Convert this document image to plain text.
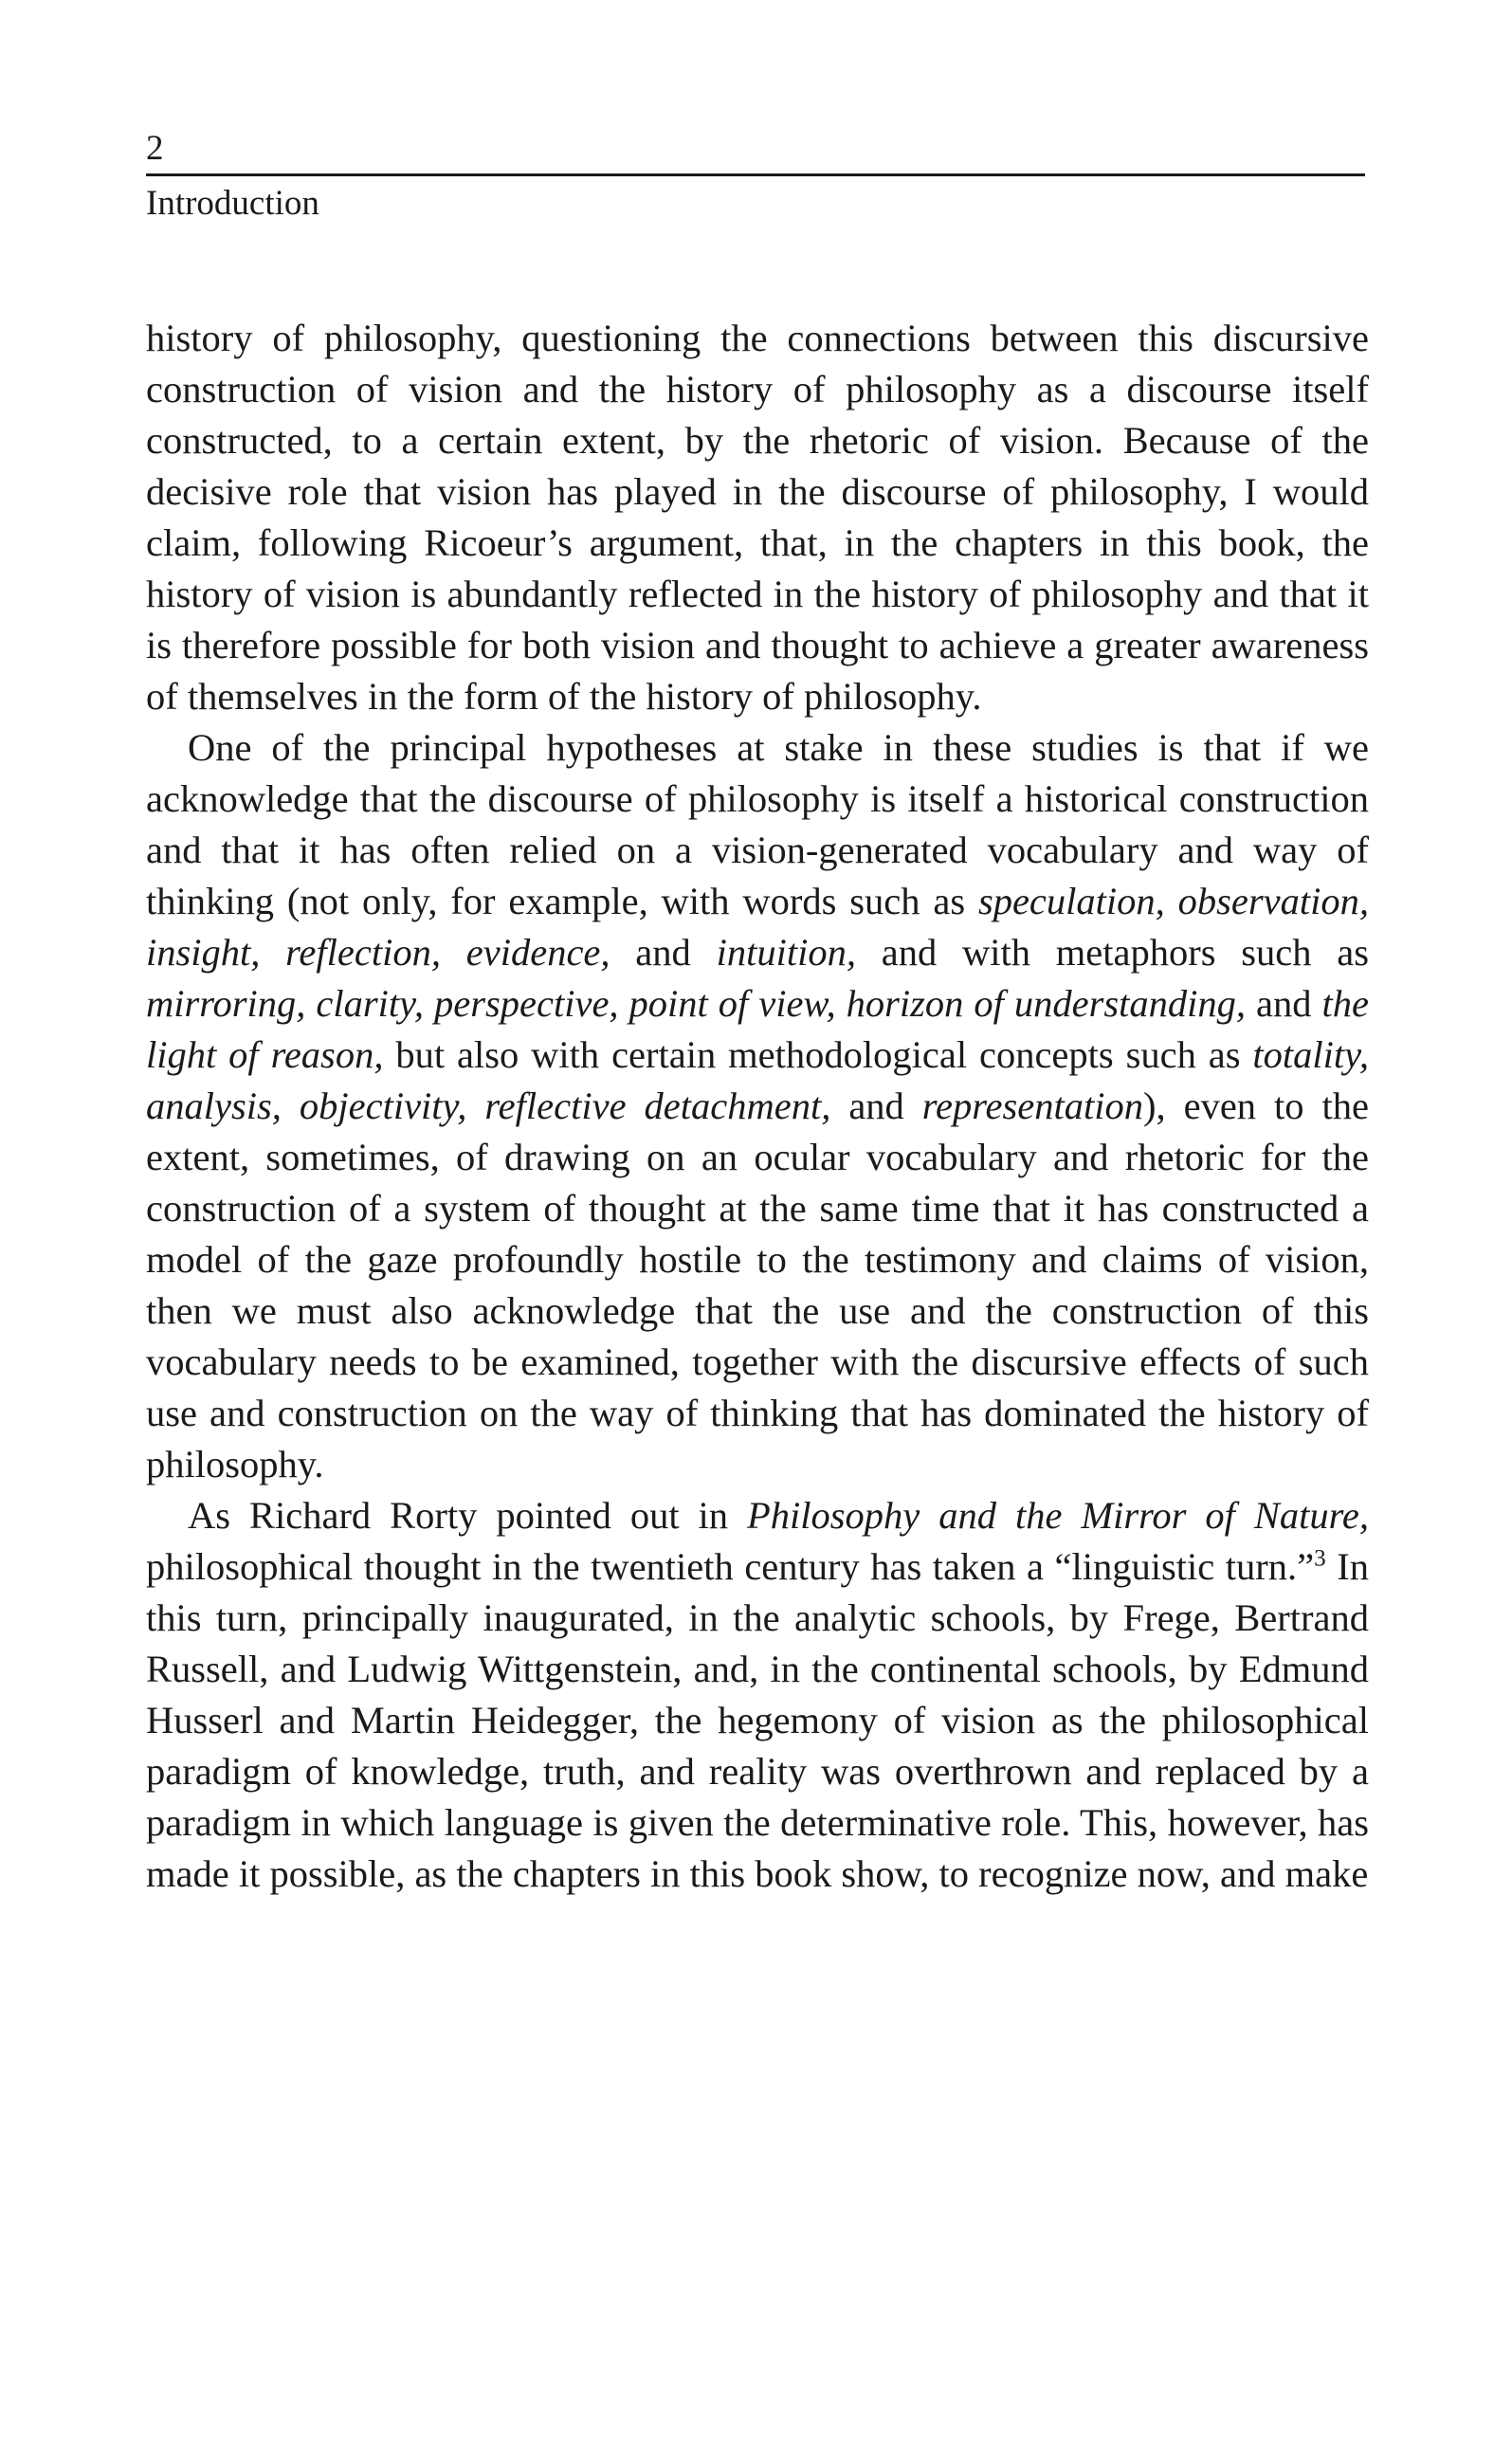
2
Introduction

history of philosophy, questioning the connections between this discursive construction of vision and the history of philosophy as a discourse itself constructed, to a certain extent, by the rhetoric of vision. Because of the decisive role that vision has played in the discourse of philosophy, I would claim, following Ricoeur’s argument, that, in the chapters in this book, the history of vision is abundantly reflected in the history of philosophy and that it is therefore possible for both vision and thought to achieve a greater awareness of themselves in the form of the history of philosophy.

One of the principal hypotheses at stake in these studies is that if we acknowledge that the discourse of philosophy is itself a historical construction and that it has often relied on a vision-generated vocabulary and way of thinking (not only, for example, with words such as speculation, observation, insight, reflection, evidence, and intuition, and with metaphors such as mirroring, clarity, perspective, point of view, horizon of understanding, and the light of reason, but also with certain methodological concepts such as totality, analysis, objectivity, reflective detachment, and representation), even to the extent, sometimes, of drawing on an ocular vocabulary and rhetoric for the construction of a system of thought at the same time that it has constructed a model of the gaze profoundly hostile to the testimony and claims of vision, then we must also acknowledge that the use and the construction of this vocabulary needs to be examined, together with the discursive effects of such use and construction on the way of thinking that has dominated the history of philosophy.

As Richard Rorty pointed out in Philosophy and the Mirror of Nature, philosophical thought in the twentieth century has taken a “linguistic turn.”$^3$ In this turn, principally inaugurated, in the analytic schools, by Frege, Bertrand Russell, and Ludwig Wittgenstein, and, in the continental schools, by Edmund Husserl and Martin Heidegger, the hegemony of vision as the philosophical paradigm of knowledge, truth, and reality was overthrown and replaced by a paradigm in which language is given the determinative role. This, however, has made it possible, as the chapters in this book show, to recognize now, and make
